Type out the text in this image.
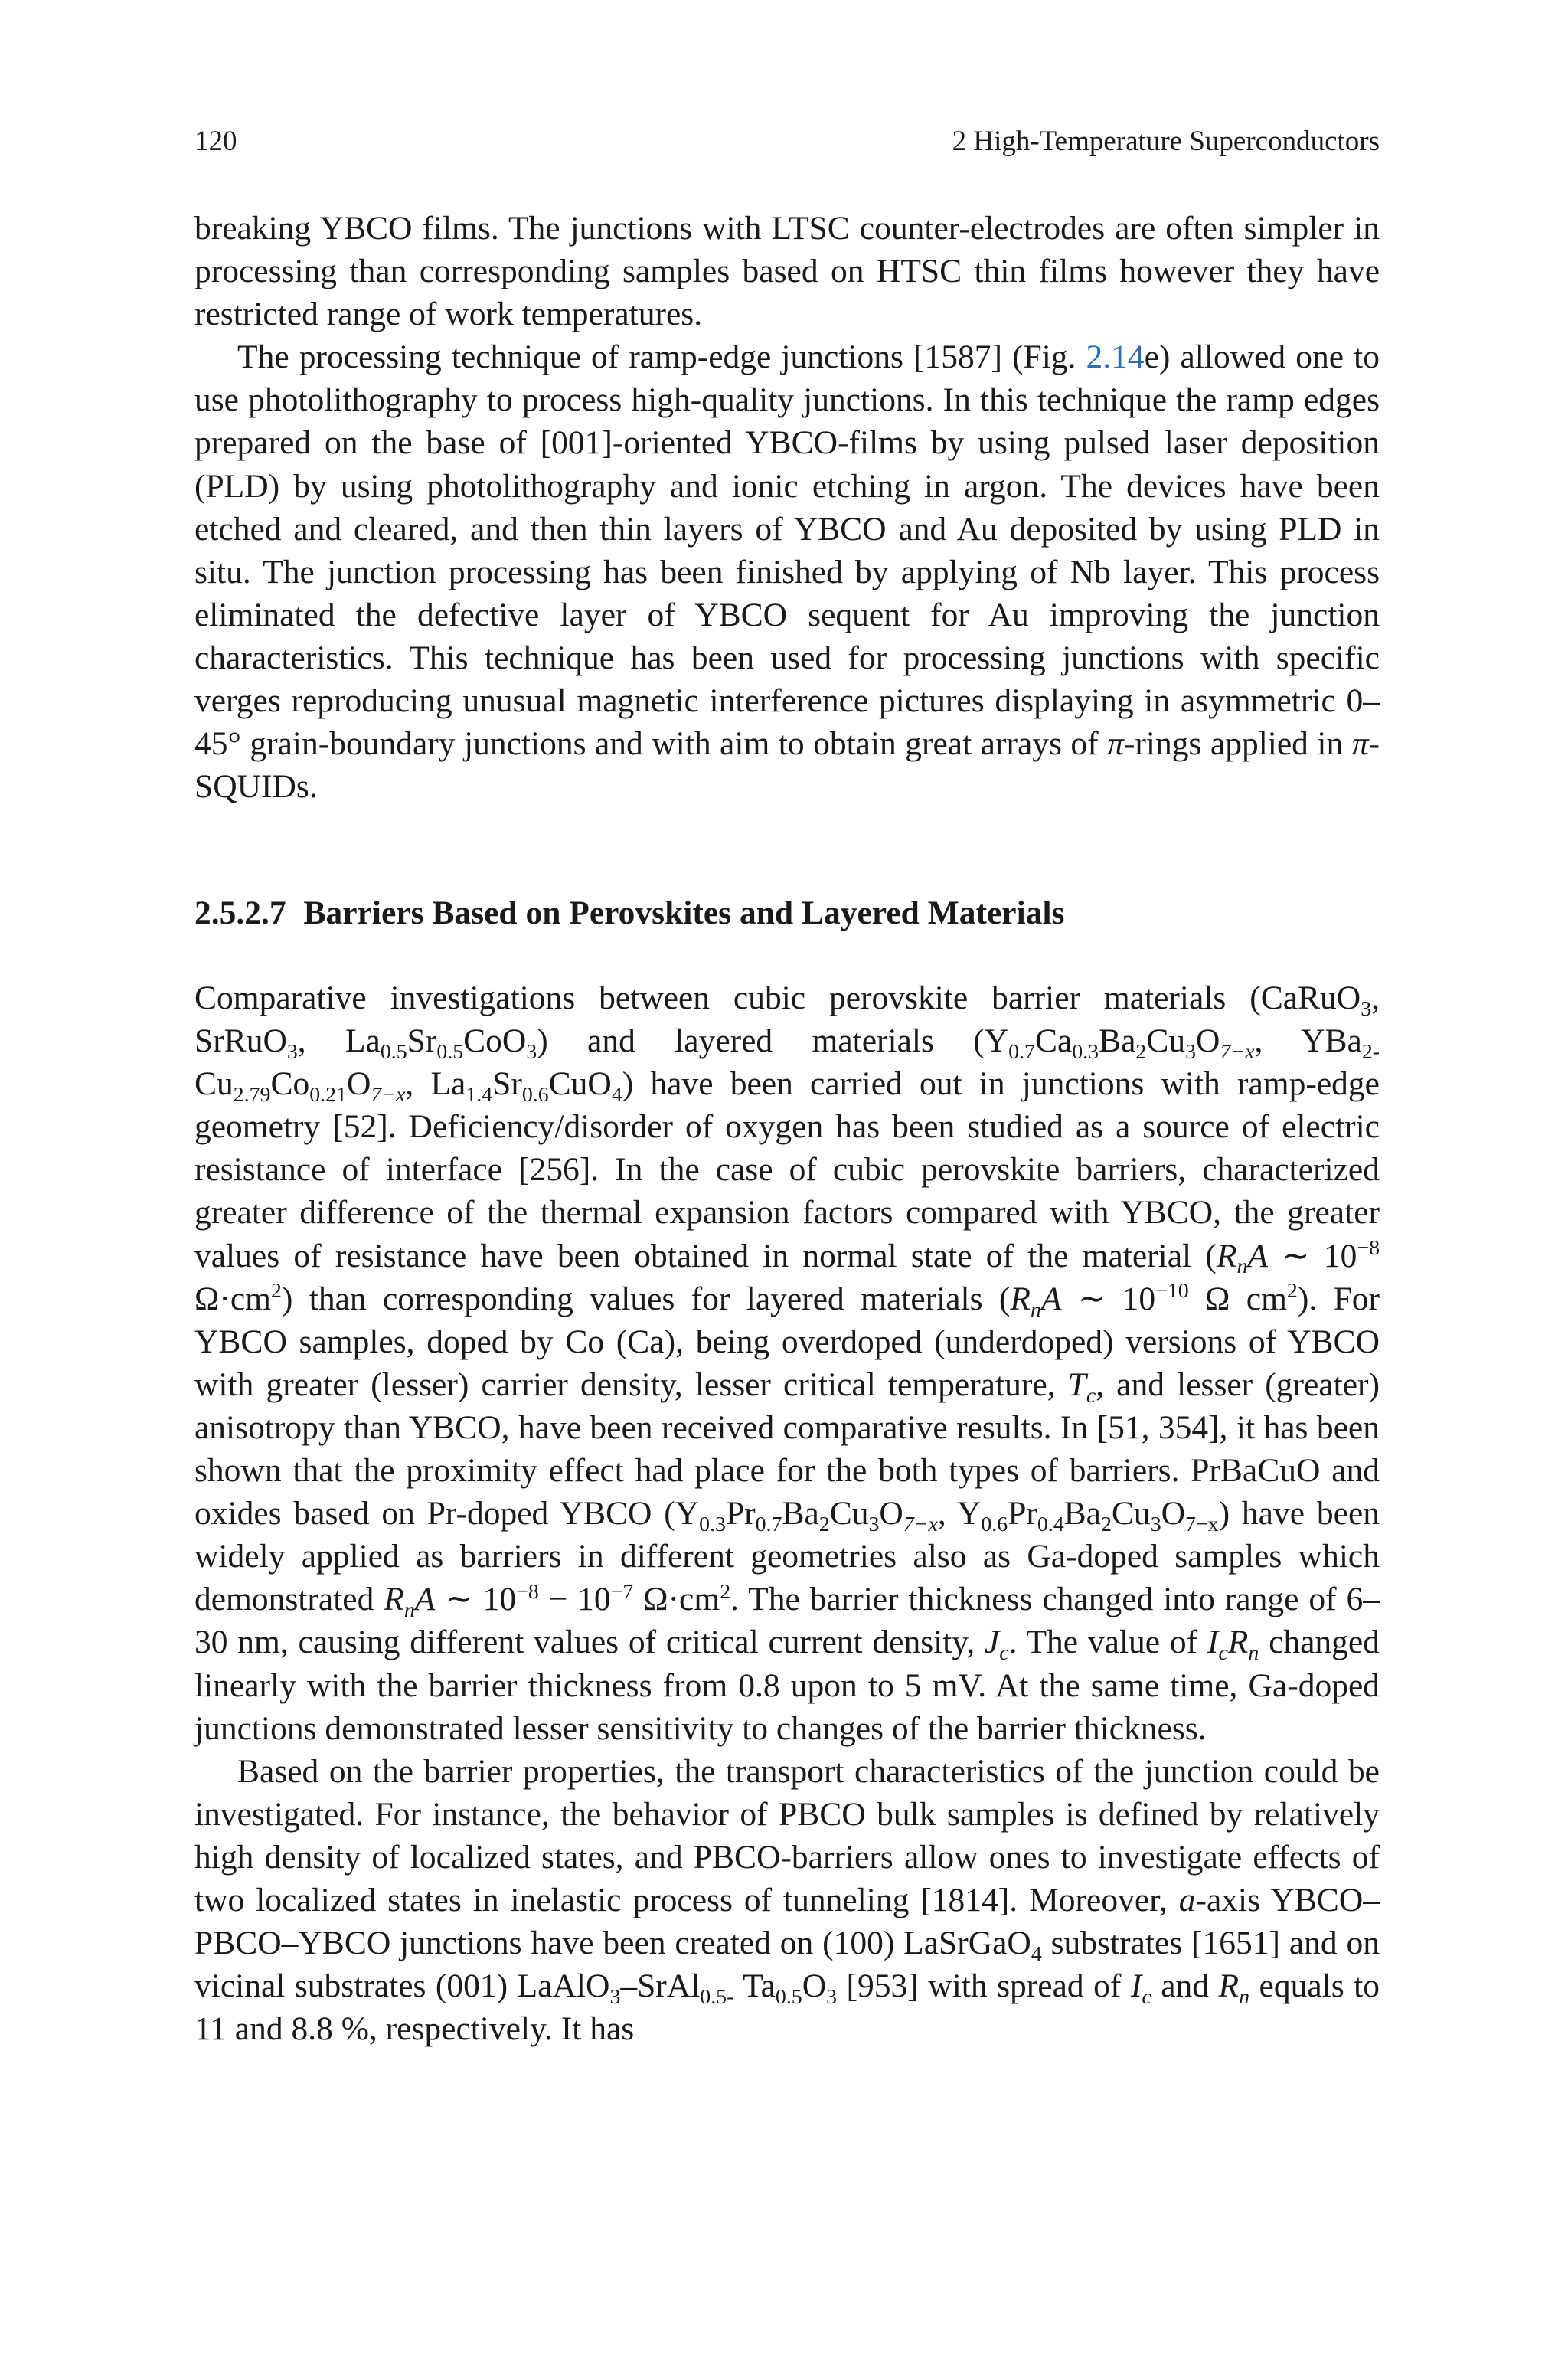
120	2 High-Temperature Superconductors

breaking YBCO films. The junctions with LTSC counter-electrodes are often simpler in processing than corresponding samples based on HTSC thin films however they have restricted range of work temperatures.

The processing technique of ramp-edge junctions [1587] (Fig. 2.14e) allowed one to use photolithography to process high-quality junctions. In this technique the ramp edges prepared on the base of [001]-oriented YBCO-films by using pulsed laser deposition (PLD) by using photolithography and ionic etching in argon. The devices have been etched and cleared, and then thin layers of YBCO and Au deposited by using PLD in situ. The junction processing has been finished by applying of Nb layer. This process eliminated the defective layer of YBCO sequent for Au improving the junction characteristics. This technique has been used for processing junctions with specific verges reproducing unusual magnetic interference pictures displaying in asymmetric 0–45° grain-boundary junctions and with aim to obtain great arrays of π-rings applied in π-SQUIDs.

2.5.2.7 Barriers Based on Perovskites and Layered Materials

Comparative investigations between cubic perovskite barrier materials (CaRuO$_3$, SrRuO$_3$, $La_{0.5}Sr_{0.5}CoO_3$) and layered materials ($Y_{0.7}Ca_{0.3}Ba_2Cu_3O_{7-x}$, YBa$_{2-}$ $Cu_{2.79}Co_{0.21}O_{7-x}$, $La_{1.4}Sr_{0.6}CuO_4$) have been carried out in junctions with ramp-edge geometry [52]. Deficiency/disorder of oxygen has been studied as a source of electric resistance of interface [256]. In the case of cubic perovskite barriers, characterized greater difference of the thermal expansion factors compared with YBCO, the greater values of resistance have been obtained in normal state of the material ($R_nA$ ∼ $10^{-8}$ $\Omega\cdot cm^2$) than corresponding values for layered materials ($R_nA$ ∼ $10^{-10}$ Ω $cm^2$). For YBCO samples, doped by Co (Ca), being overdoped (underdoped) versions of YBCO with greater (lesser) carrier density, lesser critical temperature, $T_c$, and lesser (greater) anisotropy than YBCO, have been received comparative results. In [51, 354], it has been shown that the proximity effect had place for the both types of barriers. PrBaCuO and oxides based on Pr-doped YBCO ($Y_{0.3}Pr_{0.7}Ba_2Cu_3O_{7-x}$, $Y_{0.6}Pr_{0.4}Ba_2Cu_3O_{7-x}$) have been widely applied as barriers in different geometries also as Ga-doped samples which demonstrated $R_nA$ ∼ $10^{-8} - 10^{-7}$ $\Omega\cdot cm^2$. The barrier thickness changed into range of 6–30 nm, causing different values of critical current density, $J_c$. The value of $I_cR_n$ changed linearly with the barrier thickness from 0.8 upon to 5 mV. At the same time, Ga-doped junctions demonstrated lesser sensitivity to changes of the barrier thickness.

Based on the barrier properties, the transport characteristics of the junction could be investigated. For instance, the behavior of PBCO bulk samples is defined by relatively high density of localized states, and PBCO-barriers allow ones to investigate effects of two localized states in inelastic process of tunneling [1814]. Moreover, a-axis YBCO–PBCO–YBCO junctions have been created on (100) LaSrGaO$_4$ substrates [1651] and on vicinal substrates (001) LaAlO$_3$–SrAl$_{0.5-}$ $Ta_{0.5}O_3$ [953] with spread of $I_c$ and $R_n$ equals to 11 and 8.8 %, respectively. It has
